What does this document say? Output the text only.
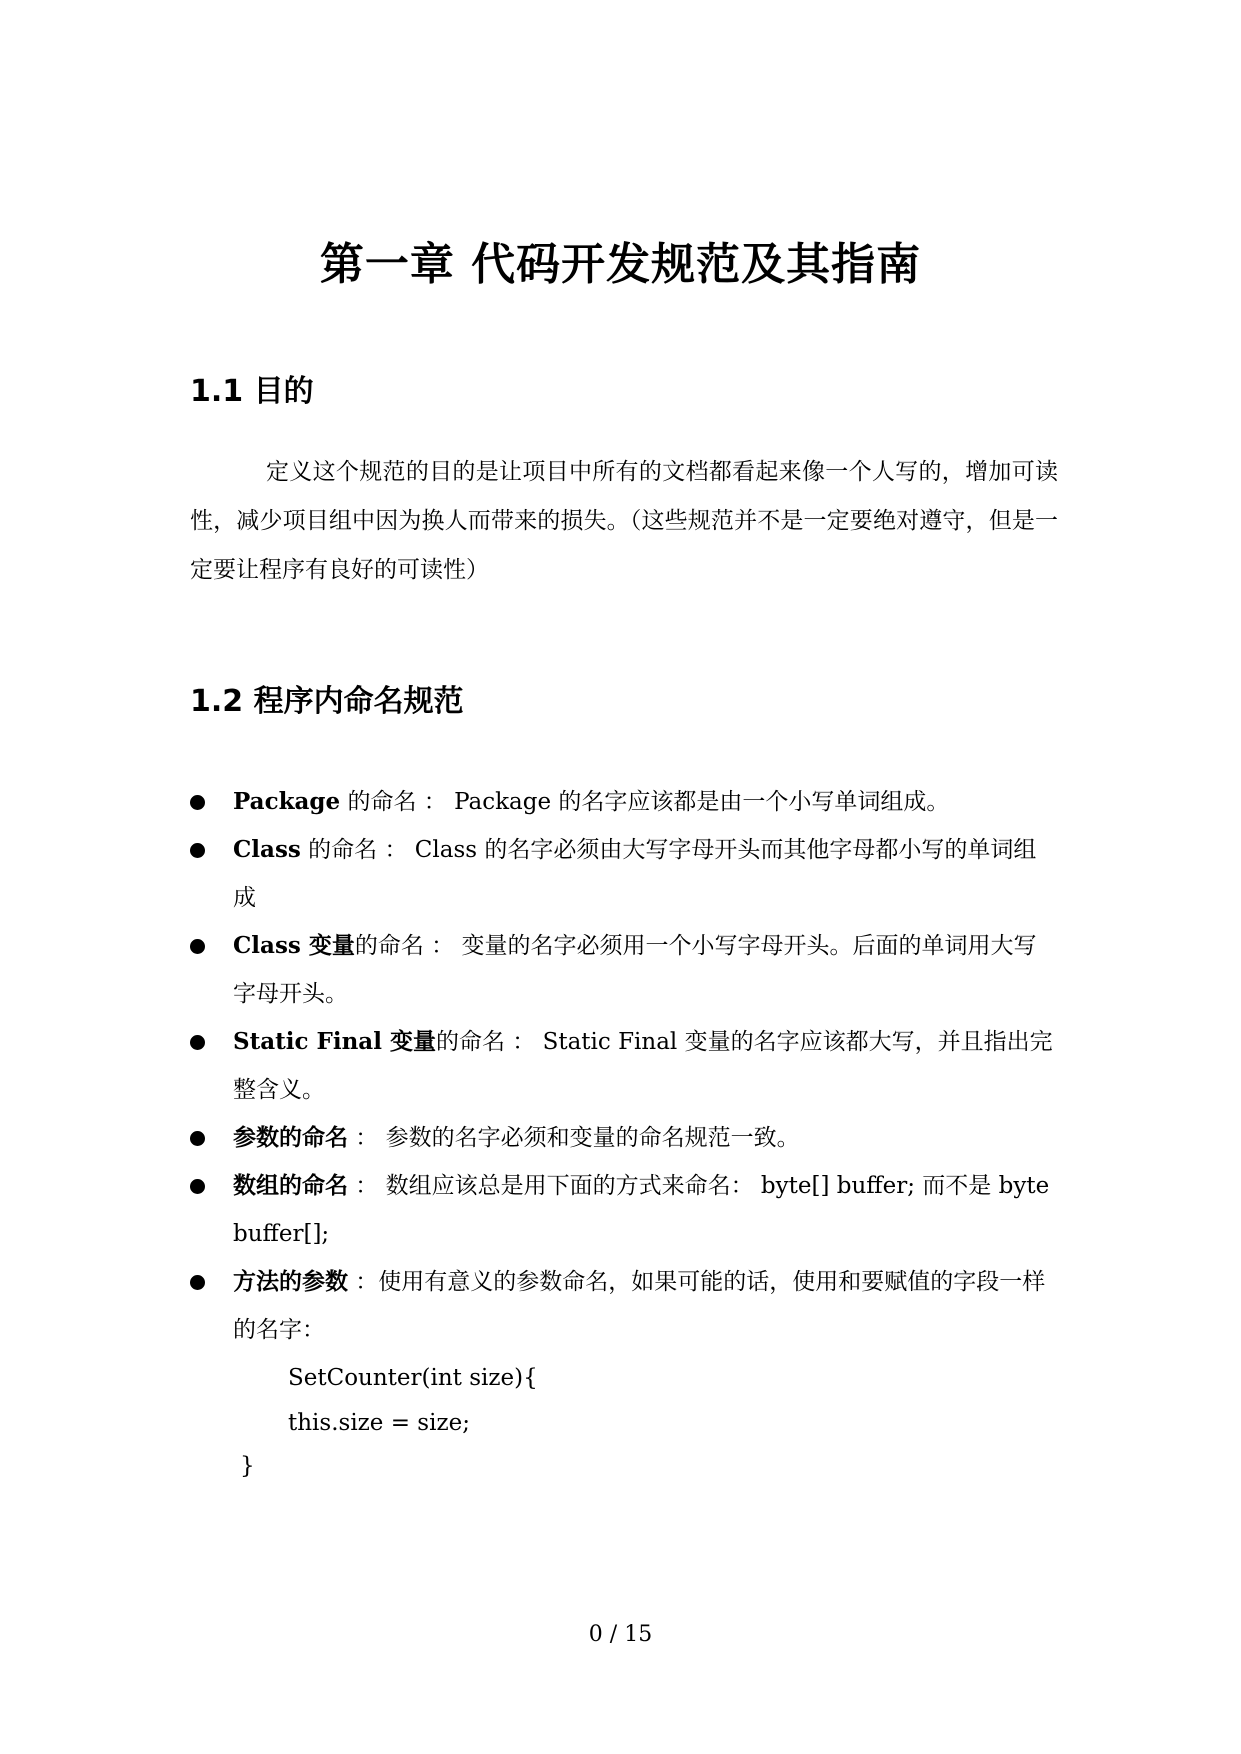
第一章 代码开发规范及其指南
1.1 目的

定义这个规范的目的是让项目中所有的文档都看起来像一个人写的，增加可读性，减少项目组中因为换人而带来的损失。（这些规范并不是一定要绝对遵守，但是一定要让程序有良好的可读性）

1.2 程序内命名规范
Package 的命名 ： Package 的名字应该都是由一个小写单词组成。
Class 的命名 ： Class 的名字必须由大写字母开头而其他字母都小写的单词组成
Class 变量的命名 ： 变量的名字必须用一个小写字母开头。后面的单词用大写字母开头。
Static Final 变量的命名 ： Static Final 变量的名字应该都大写，并且指出完整含义。
参数的命名 ： 参数的名字必须和变量的命名规范一致。
数组的命名 ： 数组应该总是用下面的方式来命名： byte[] buffer; 而不是 byte buffer[];
方法的参数 ：使用有意义的参数命名，如果可能的话，使用和要赋值的字段一样的名字：
SetCounter(int size){
this.size = size;
}
0 / 15
